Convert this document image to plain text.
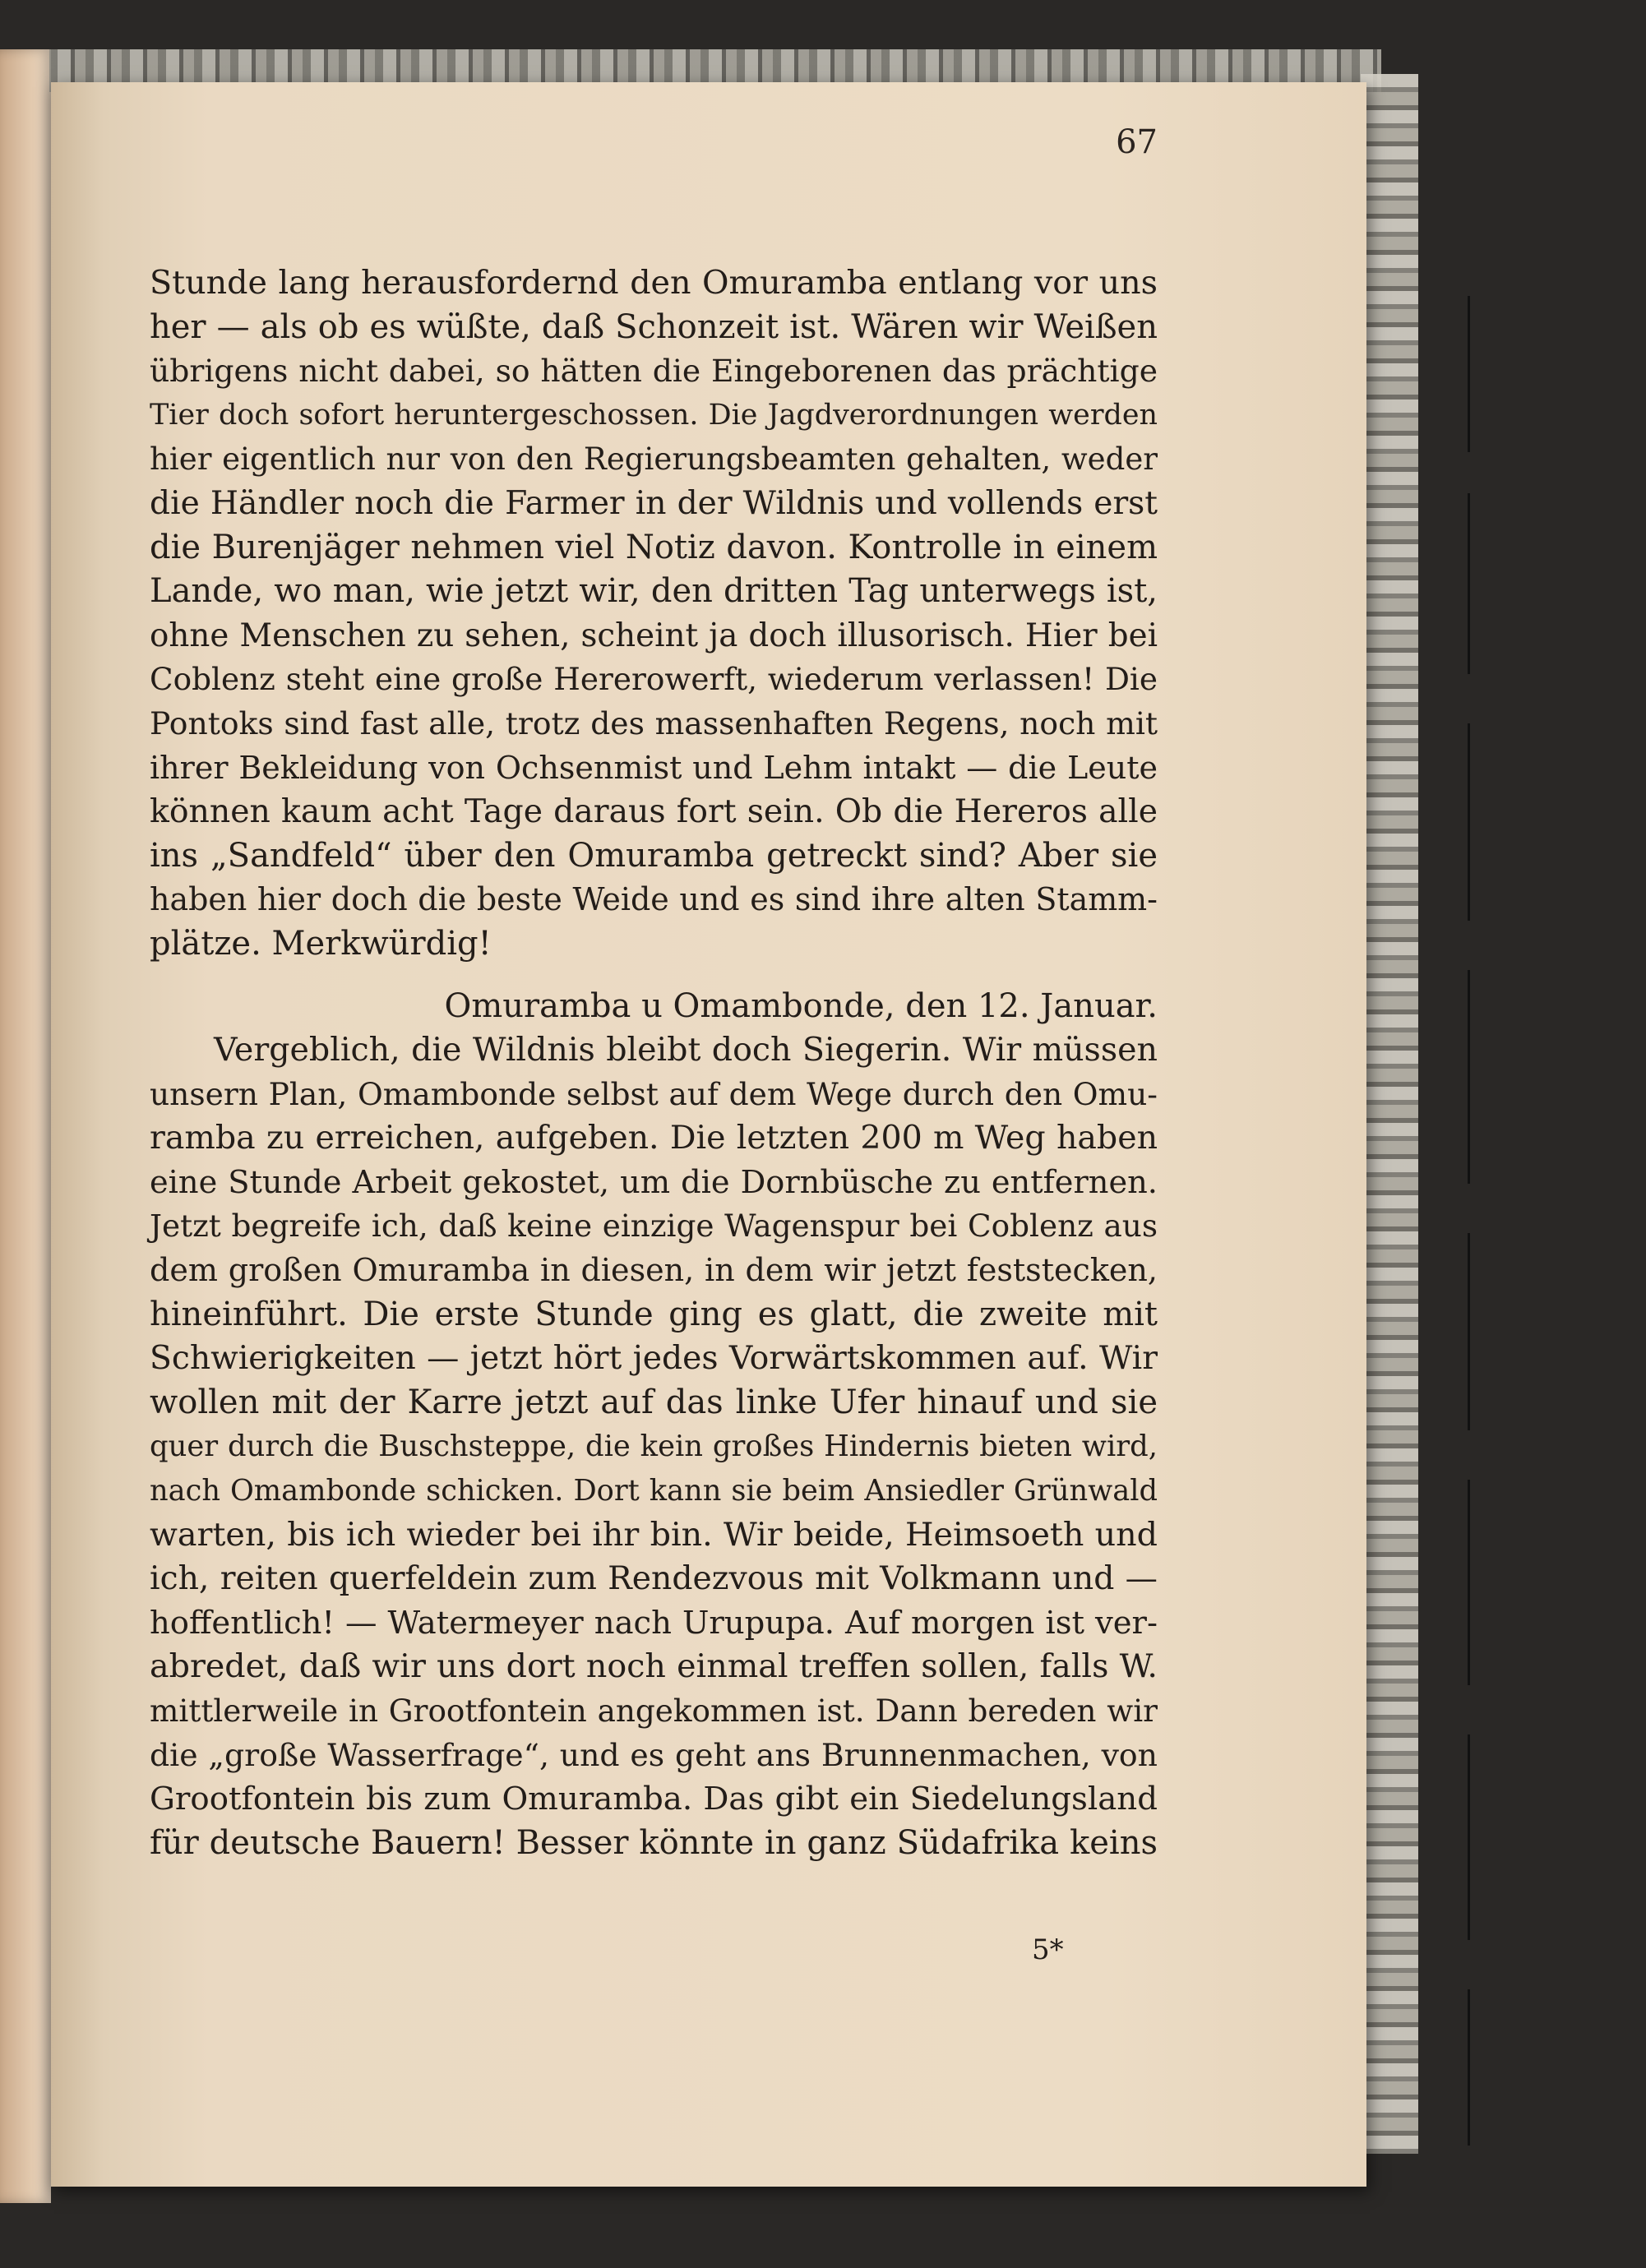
67
Stunde lang herausfordernd den Omuramba entlang vor uns
her — als ob es wüßte, daß Schonzeit ist. Wären wir Weißen
übrigens nicht dabei, so hätten die Eingeborenen das prächtige
Tier doch sofort heruntergeschossen. Die Jagdverordnungen werden
hier eigentlich nur von den Regierungsbeamten gehalten, weder
die Händler noch die Farmer in der Wildnis und vollends erst
die Burenjäger nehmen viel Notiz davon. Kontrolle in einem
Lande, wo man, wie jetzt wir, den dritten Tag unterwegs ist,
ohne Menschen zu sehen, scheint ja doch illusorisch. Hier bei
Coblenz steht eine große Hererowerft, wiederum verlassen! Die
Pontoks sind fast alle, trotz des massenhaften Regens, noch mit
ihrer Bekleidung von Ochsenmist und Lehm intakt — die Leute
können kaum acht Tage daraus fort sein. Ob die Hereros alle
ins „Sandfeld“ über den Omuramba getreckt sind? Aber sie
haben hier doch die beste Weide und es sind ihre alten Stamm-
plätze. Merkwürdig!
Omuramba u Omambonde, den 12. Januar.
Vergeblich, die Wildnis bleibt doch Siegerin. Wir müssen
unsern Plan, Omambonde selbst auf dem Wege durch den Omu-
ramba zu erreichen, aufgeben. Die letzten 200 m Weg haben
eine Stunde Arbeit gekostet, um die Dornbüsche zu entfernen.
Jetzt begreife ich, daß keine einzige Wagenspur bei Coblenz aus
dem großen Omuramba in diesen, in dem wir jetzt feststecken,
hineinführt. Die erste Stunde ging es glatt, die zweite mit
Schwierigkeiten — jetzt hört jedes Vorwärtskommen auf. Wir
wollen mit der Karre jetzt auf das linke Ufer hinauf und sie
quer durch die Buschsteppe, die kein großes Hindernis bieten wird,
nach Omambonde schicken. Dort kann sie beim Ansiedler Grünwald
warten, bis ich wieder bei ihr bin. Wir beide, Heimsoeth und
ich, reiten querfeldein zum Rendezvous mit Volkmann und —
hoffentlich! — Watermeyer nach Urupupa. Auf morgen ist ver-
abredet, daß wir uns dort noch einmal treffen sollen, falls W.
mittlerweile in Grootfontein angekommen ist. Dann bereden wir
die „große Wasserfrage“, und es geht ans Brunnenmachen, von
Grootfontein bis zum Omuramba. Das gibt ein Siedelungsland
für deutsche Bauern! Besser könnte in ganz Südafrika keins
5*
